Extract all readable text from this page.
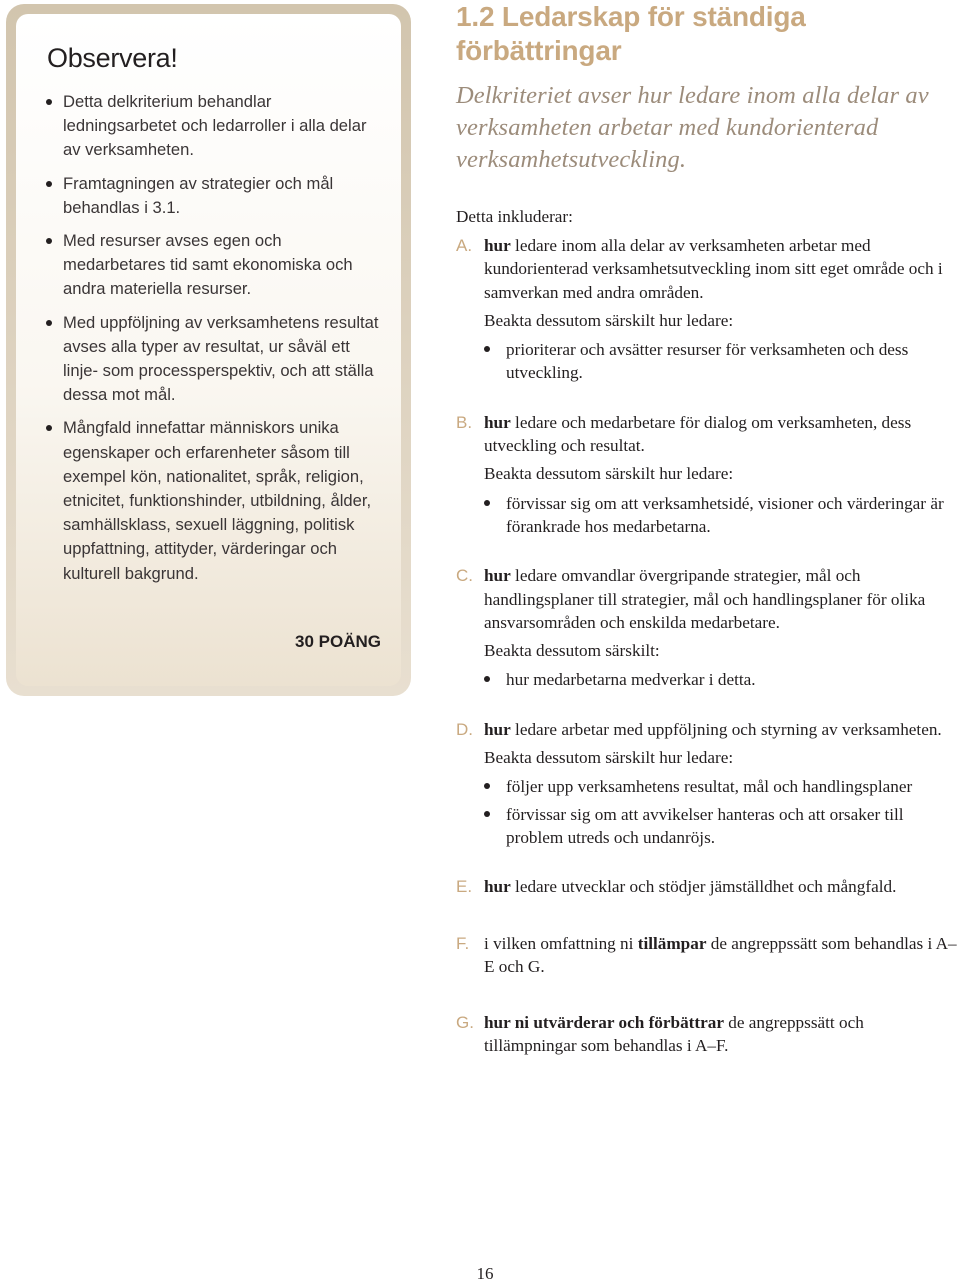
Observera!
Detta delkriterium behandlar ledningsarbetet och ledarroller i alla delar av verksamheten.
Framtagningen av strategier och mål behandlas i 3.1.
Med resurser avses egen och medarbetares tid samt ekonomiska och andra materiella resurser.
Med uppföljning av verksamhetens resultat avses alla typer av resultat, ur såväl ett linje- som processperspektiv, och att ställa dessa mot mål.
Mångfald innefattar människors unika egenskaper och erfarenheter såsom till exempel kön, nationalitet, språk, religion, etnicitet, funktionshinder, utbildning, ålder, samhällsklass, sexuell läggning, politisk uppfattning, attityder, värderingar och kulturell bakgrund.
30 POÄNG
1.2 Ledarskap för ständiga förbättringar

Delkriteriet avser hur ledare inom alla delar av verksamheten arbetar med kundorienterad verksamhetsutveckling.

Detta inkluderar:

A. hur ledare inom alla delar av verksamheten arbetar med kundorienterad verksamhetsutveckling inom sitt eget område och i samverkan med andra områden.
Beakta dessutom särskilt hur ledare:
prioriterar och avsätter resurser för verksamheten och dess utveckling.
B. hur ledare och medarbetare för dialog om verksamheten, dess utveckling och resultat.
Beakta dessutom särskilt hur ledare:
förvissar sig om att verksamhetsidé, visioner och värderingar är förankrade hos medarbetarna.
C. hur ledare omvandlar övergripande strategier, mål och handlingsplaner till strategier, mål och handlingsplaner för olika ansvarsområden och enskilda medarbetare.
Beakta dessutom särskilt:
hur medarbetarna medverkar i detta.
D. hur ledare arbetar med uppföljning och styrning av verksamheten.
Beakta dessutom särskilt hur ledare:
följer upp verksamhetens resultat, mål och handlingsplaner
förvissar sig om att avvikelser hanteras och att orsaker till problem utreds och undanröjs.
E. hur ledare utvecklar och stödjer jämställdhet och mångfald.
F. i vilken omfattning ni tillämpar de angreppssätt som behandlas i A–E och G.
G. hur ni utvärderar och förbättrar de angreppssätt och tillämpningar som behandlas i A–F.
16
